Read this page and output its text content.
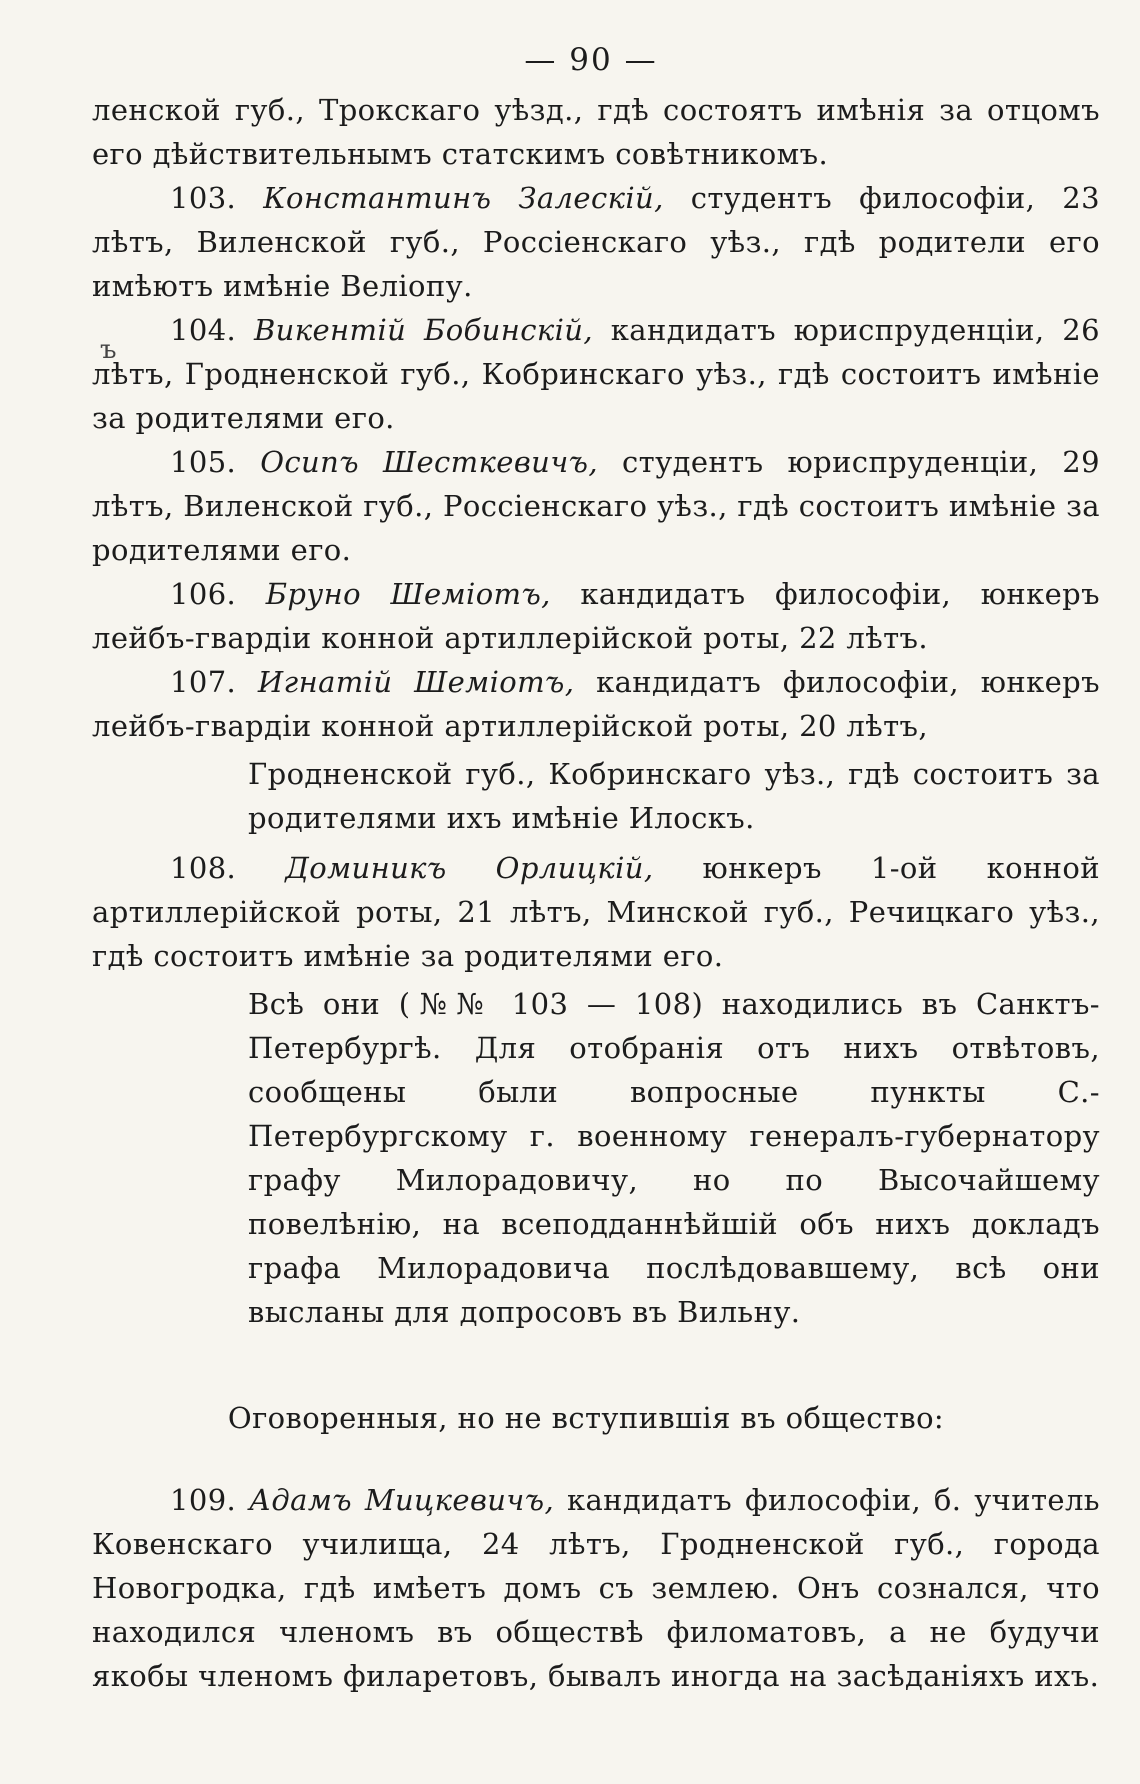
— 90 —
ъ

ленской губ., Трокскаго уѣзд., гдѣ состоятъ имѣнія за отцомъ его дѣйствительнымъ статскимъ совѣтникомъ.

103. Константинъ Залескій, студентъ философіи, 23 лѣтъ, Виленской губ., Россіенскаго уѣз., гдѣ родители его имѣютъ имѣніе Веліопу.

104. Викентій Бобинскій, кандидатъ юриспруденціи, 26 лѣтъ, Гродненской губ., Кобринскаго уѣз., гдѣ состоитъ имѣніе за родителями его.

105. Осипъ Шесткевичъ, студентъ юриспруденціи, 29 лѣтъ, Виленской губ., Россіенскаго уѣз., гдѣ состоитъ имѣніе за родителями его.

106. Бруно Шеміотъ, кандидатъ философіи, юнкеръ лейбъ-гвардіи конной артиллерійской роты, 22 лѣтъ.

107. Игнатій Шеміотъ, кандидатъ философіи, юнкеръ лейбъ-гвардіи конной артиллерійской роты, 20 лѣтъ,

Гродненской губ., Кобринскаго уѣз., гдѣ состоитъ за родителями ихъ имѣніе Илоскъ.

108. Доминикъ Орлицкій, юнкеръ 1-ой конной артиллерійской роты, 21 лѣтъ, Минской губ., Речицкаго уѣз., гдѣ состоитъ имѣніе за родителями его.

Всѣ они (№№ 103 — 108) находились въ Санктъ-Петербургѣ. Для отобранія отъ нихъ отвѣтовъ, сообщены были вопросные пункты С.-Петербургскому г. военному генералъ-губернатору графу Милорадовичу, но по Высочайшему повелѣнію, на всеподданнѣйшій объ нихъ докладъ графа Милорадовича послѣдовавшему, всѣ они высланы для допросовъ въ Вильну.

Оговоренныя, но не вступившія въ общество:

109. Адамъ Мицкевичъ, кандидатъ философіи, б. учитель Ковенскаго училища, 24 лѣтъ, Гродненской губ., города Новогродка, гдѣ имѣетъ домъ съ землею. Онъ сознался, что находился членомъ въ обществѣ филоматовъ, а не будучи якобы членомъ филаретовъ, бывалъ иногда на засѣданіяхъ ихъ.
